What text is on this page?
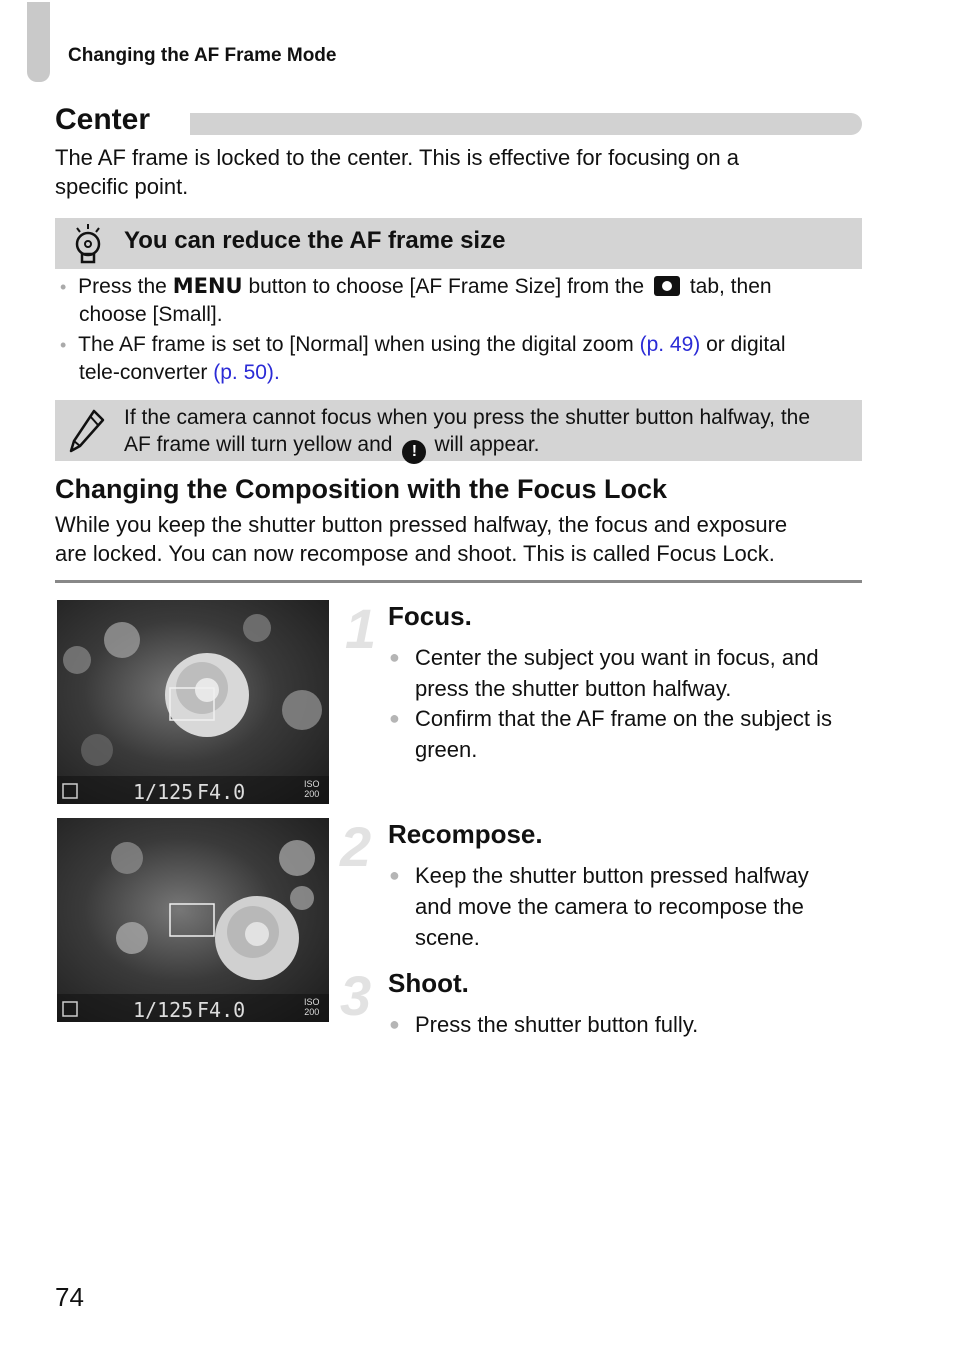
Changing the AF Frame Mode
Center
The AF frame is locked to the center. This is effective for focusing on a
specific point.
You can reduce the AF frame size
• Press the MENU button to choose [AF Frame Size] from the tab, then
choose [Small].
• The AF frame is set to [Normal] when using the digital zoom (p. 49) or digital
tele-converter (p. 50).
If the camera cannot focus when you press the shutter button halfway, the
AF frame will turn yellow and ! will appear.
Changing the Composition with the Focus Lock
While you keep the shutter button pressed halfway, the focus and exposure
are locked. You can now recompose and shoot. This is called Focus Lock.
1/125 F4.0	ISO
200
1/125 F4.0	ISO
200
1 Focus.
● Center the subject you want in focus, and
press the shutter button halfway.
● Confirm that the AF frame on the subject is
green.
2 Recompose.
● Keep the shutter button pressed halfway
and move the camera to recompose the
scene.
3 Shoot.
● Press the shutter button fully.
74
